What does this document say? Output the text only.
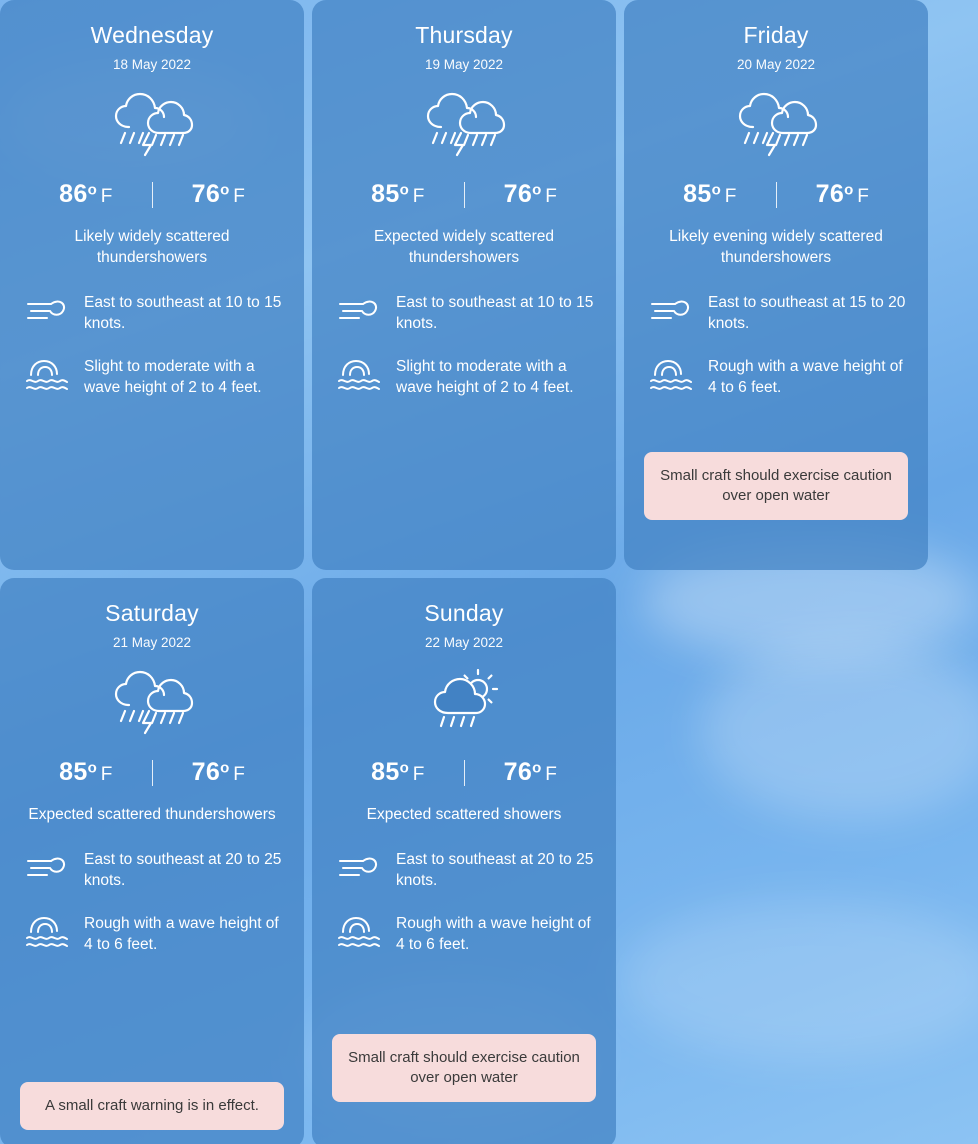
Wednesday
18 May 2022
86$^o$ F	76$^o$ F
Likely widely scattered thundershowers
East to southeast at 10 to 15 knots.
Slight to moderate with a wave height of 2 to 4 feet.
Thursday
19 May 2022
85$^o$ F	76$^o$ F
Expected widely scattered thundershowers
East to southeast at 10 to 15 knots.
Slight to moderate with a wave height of 2 to 4 feet.
Friday
20 May 2022
85$^o$ F	76$^o$ F
Likely evening widely scattered thundershowers
East to southeast at 15 to 20 knots.
Rough with a wave height of 4 to 6 feet.
Small craft should exercise caution over open water
Saturday
21 May 2022
85$^o$ F	76$^o$ F
Expected scattered thundershowers
East to southeast at 20 to 25 knots.
Rough with a wave height of 4 to 6 feet.
A small craft warning is in effect.
Sunday
22 May 2022
85$^o$ F	76$^o$ F
Expected scattered showers
East to southeast at 20 to 25 knots.
Rough with a wave height of 4 to 6 feet.
Small craft should exercise caution over open water
